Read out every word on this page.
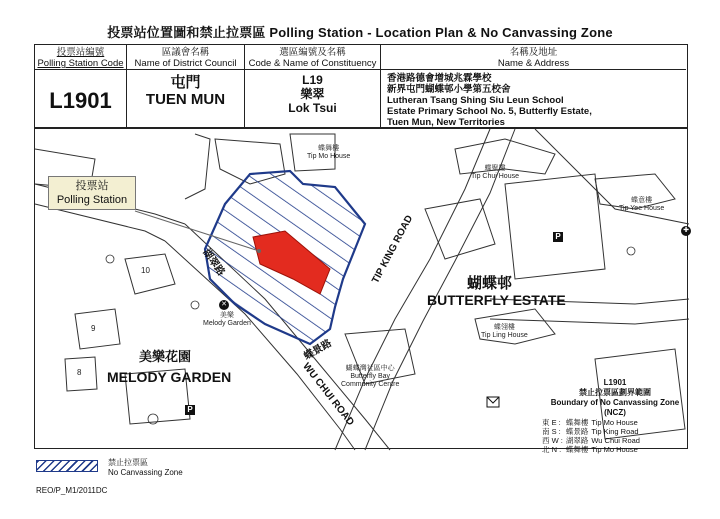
投票站位置圖和禁止拉票區 Polling Station - Location Plan & No Canvassing Zone
投票站編號
Polling Station Code
L1901
區議會名稱
Name of District Council
屯門
TUEN MUN
選區編號及名稱
Code & Name of Constituency
L19
樂翠
Lok Tsui
名稱及地址
Name & Address
香港路德會增城兆霖學校
新界屯門蝴蝶邨小學第五校舍
Lutheran Tsang Shing Siu Leun School
Estate Primary School No. 5, Butterfly Estate,
Tuen Mun, New Territories
蝶舞樓
Tip Mo House
蝶聚樓
Tip Chui House
蝶意樓
Tip Yee House
蝶翎樓
Tip Ling House
美樂
Melody Garden
蝴蝶灣社區中心
Butterfly Bay
Community Centre
10
9
8
TIP KING ROAD
WU CHUI ROAD
湖翠路
蝶景路
蝴蝶邨
BUTTERFLY ESTATE
美樂花園
MELODY GARDEN
P
P
✕
✚
投票站
Polling Station
L1901
禁止拉票區劃界範圍
Boundary of No Canvassing Zone (NCZ)
東 E :	蝶舞樓	Tip Mo House
南 S :	蝶景路	Tip King Road
西 W :	湖翠路	Wu Chui Road
北 N :	蝶舞樓	Tip Mo House
禁止拉票區
No Canvassing Zone
REO/P_M1/2011DC
